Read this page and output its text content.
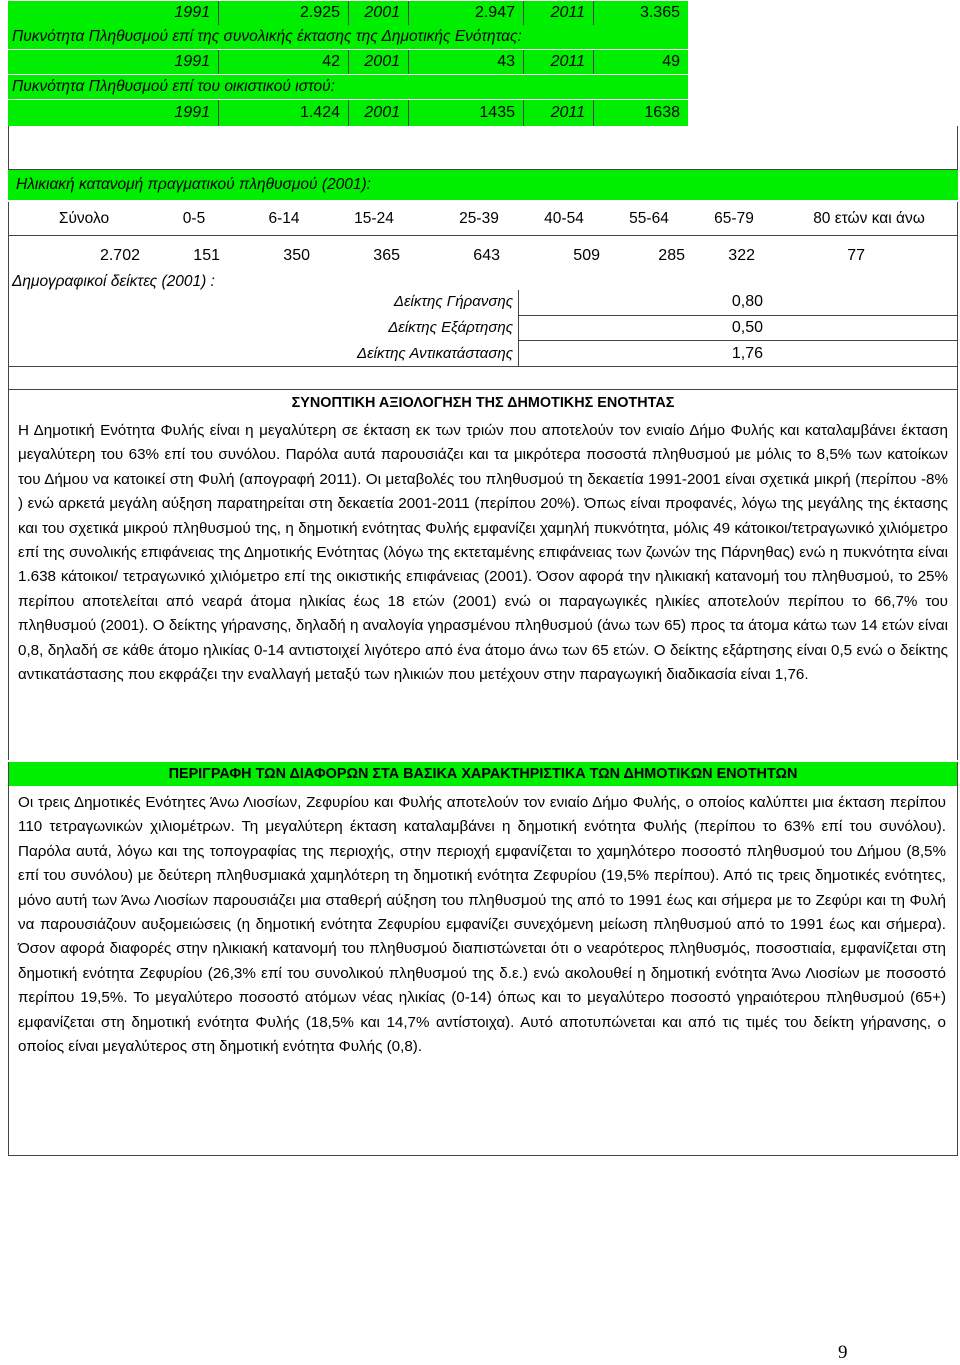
1991	2.925	2001	2.947	2011	3.365
Πυκνότητα Πληθυσμού επί της συνολικής έκτασης της Δημοτικής Ενότητας:
1991	42	2001	43	2011	49
Πυκνότητα Πληθυσμού επί του οικιστικού ιστού:
1991	1.424	2001	1435	2011	1638
Ηλικιακή κατανομή πραγματικού πληθυσμού (2001):
Σύνολο	0-5	6-14	15-24	25-39	40-54	55-64	65-79	80 ετών και άνω
2.702	151	350	365	643	509	285	322	77
Δημογραφικοί δείκτες (2001) :
Δείκτης Γήρανσης	0,80
Δείκτης Εξάρτησης	0,50
Δείκτης Αντικατάστασης	1,76
ΣΥΝΟΠΤΙΚΗ ΑΞΙΟΛΟΓΗΣΗ ΤΗΣ ΔΗΜΟΤΙΚΗΣ ΕΝΟΤΗΤΑΣ
Η Δημοτική Ενότητα Φυλής είναι η μεγαλύτερη σε έκταση εκ των τριών που αποτελούν τον ενιαίο Δήμο Φυλής και καταλαμβάνει έκταση μεγαλύτερη του 63% επί του συνόλου. Παρόλα αυτά παρουσιάζει και τα μικρότερα ποσοστά πληθυσμού με μόλις το 8,5% των κατοίκων του Δήμου να κατοικεί στη Φυλή (απογραφή 2011). Οι μεταβολές του πληθυσμού τη δεκαετία 1991-2001 είναι σχετικά μικρή (περίπου -8% ) ενώ αρκετά μεγάλη αύξηση παρατηρείται στη δεκαετία 2001-2011 (περίπου 20%). Όπως είναι προφανές, λόγω της μεγάλης της έκτασης και του σχετικά μικρού πληθυσμού της, η δημοτική ενότητας Φυλής εμφανίζει χαμηλή πυκνότητα, μόλις 49 κάτοικοι/τετραγωνικό χιλιόμετρο επί της συνολικής επιφάνειας της Δημοτικής Ενότητας (λόγω της εκτεταμένης επιφάνειας των ζωνών της Πάρνηθας) ενώ η πυκνότητα είναι 1.638 κάτοικοι/ τετραγωνικό χιλιόμετρο επί της οικιστικής επιφάνειας (2001). Όσον αφορά την ηλικιακή κατανομή του πληθυσμού, το 25% περίπου αποτελείται από νεαρά άτομα ηλικίας έως 18 ετών (2001) ενώ οι παραγωγικές ηλικίες αποτελούν περίπου το 66,7% του πληθυσμού (2001). Ο δείκτης γήρανσης, δηλαδή η αναλογία γηρασμένου πληθυσμού (άνω των 65) προς τα άτομα κάτω των 14 ετών είναι 0,8, δηλαδή σε κάθε άτομο ηλικίας 0-14 αντιστοιχεί λιγότερο από ένα άτομο άνω των 65 ετών. Ο δείκτης εξάρτησης είναι 0,5 ενώ ο δείκτης αντικατάστασης που εκφράζει την εναλλαγή μεταξύ των ηλικιών που μετέχουν στην παραγωγική διαδικασία είναι 1,76.
ΠΕΡΙΓΡΑΦΗ ΤΩΝ ΔΙΑΦΟΡΩΝ ΣΤΑ ΒΑΣΙΚΑ ΧΑΡΑΚΤΗΡΙΣΤΙΚΑ ΤΩΝ ΔΗΜΟΤΙΚΩΝ ΕΝΟΤΗΤΩΝ
Οι τρεις Δημοτικές Ενότητες Άνω Λιοσίων, Ζεφυρίου και Φυλής αποτελούν τον ενιαίο Δήμο Φυλής, ο οποίος καλύπτει μια έκταση περίπου 110 τετραγωνικών χιλιομέτρων. Τη μεγαλύτερη έκταση καταλαμβάνει η δημοτική ενότητα Φυλής (περίπου το 63% επί του συνόλου). Παρόλα αυτά, λόγω και της τοπογραφίας της περιοχής, στην περιοχή εμφανίζεται το χαμηλότερο ποσοστό πληθυσμού του Δήμου (8,5% επί του συνόλου) με δεύτερη πληθυσμιακά χαμηλότερη τη δημοτική ενότητα Ζεφυρίου (19,5% περίπου). Από τις τρεις δημοτικές ενότητες, μόνο αυτή των Άνω Λιοσίων παρουσιάζει μια σταθερή αύξηση του πληθυσμού της από το 1991 έως και σήμερα με το Ζεφύρι και τη Φυλή να παρουσιάζουν αυξομειώσεις (η δημοτική ενότητα Ζεφυρίου εμφανίζει συνεχόμενη μείωση πληθυσμού από το 1991 έως και σήμερα). Όσον αφορά διαφορές στην ηλικιακή κατανομή του πληθυσμού διαπιστώνεται ότι ο νεαρότερος πληθυσμός, ποσοστιαία, εμφανίζεται στη δημοτική ενότητα Ζεφυρίου (26,3% επί του συνολικού πληθυσμού της δ.ε.) ενώ ακολουθεί η δημοτική ενότητα Άνω Λιοσίων με ποσοστό περίπου 19,5%. Το μεγαλύτερο ποσοστό ατόμων νέας ηλικίας (0-14) όπως και το μεγαλύτερο ποσοστό γηραιότερου πληθυσμού (65+) εμφανίζεται στη δημοτική ενότητα Φυλής (18,5% και 14,7% αντίστοιχα). Αυτό αποτυπώνεται και από τις τιμές του δείκτη γήρανσης, ο οποίος είναι μεγαλύτερος στη δημοτική ενότητα Φυλής (0,8).
9
